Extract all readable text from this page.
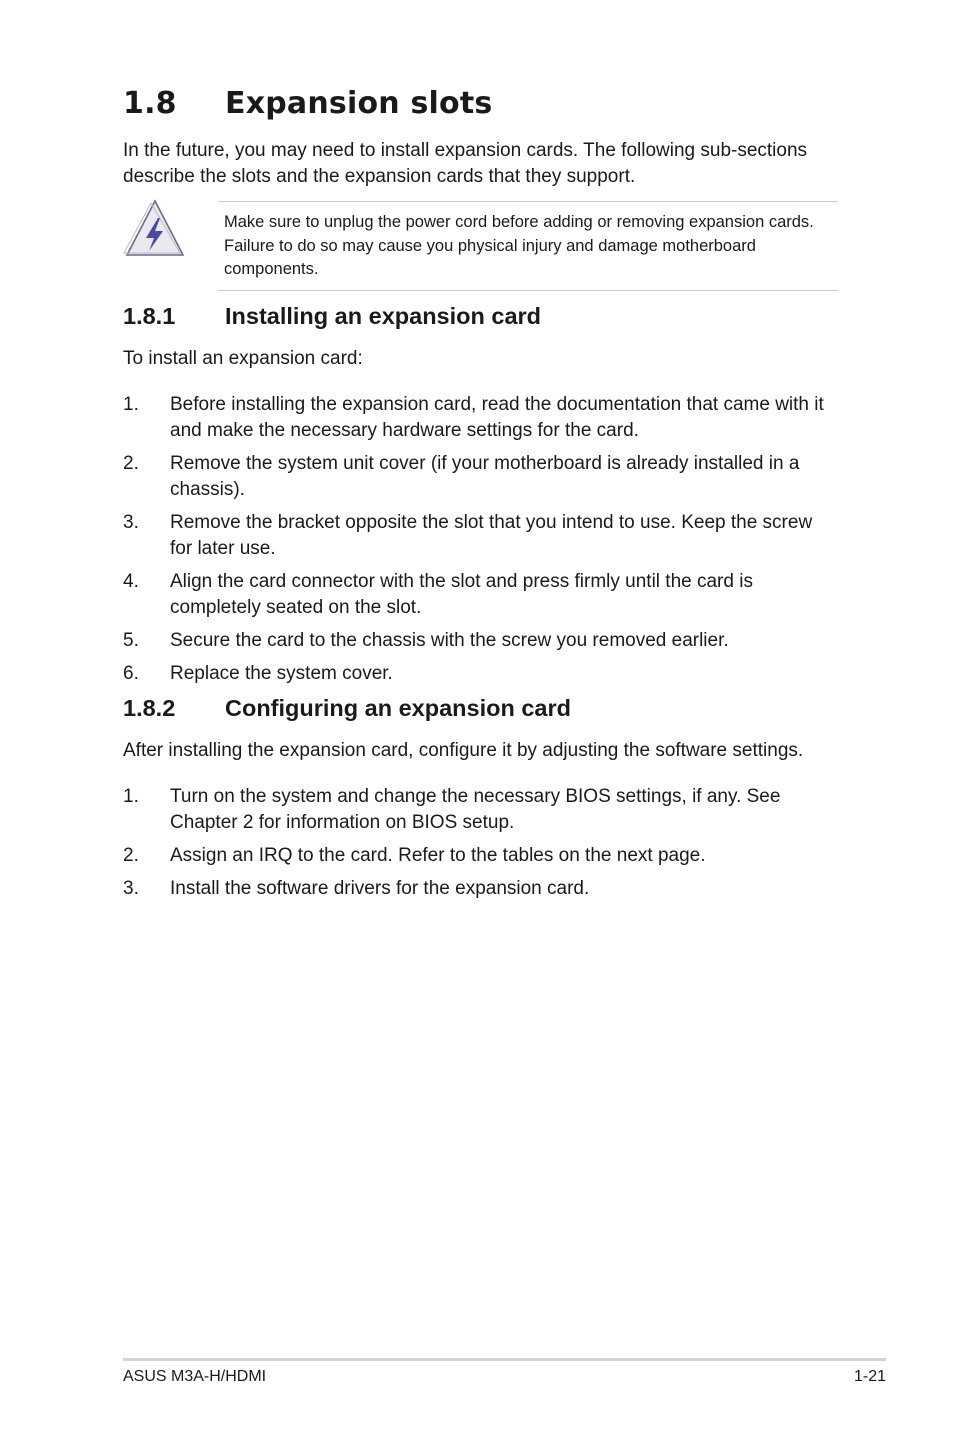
1.8 Expansion slots

In the future, you may need to install expansion cards. The following sub-sections describe the slots and the expansion cards that they support.

Make sure to unplug the power cord before adding or removing expansion cards. Failure to do so may cause you physical injury and damage motherboard components.
1.8.1 Installing an expansion card

To install an expansion card:

1. Before installing the expansion card, read the documentation that came with it and make the necessary hardware settings for the card.
2. Remove the system unit cover (if your motherboard is already installed in a chassis).
3. Remove the bracket opposite the slot that you intend to use. Keep the screw for later use.
4. Align the card connector with the slot and press firmly until the card is completely seated on the slot.
5. Secure the card to the chassis with the screw you removed earlier.
6. Replace the system cover.
1.8.2 Configuring an expansion card

After installing the expansion card, configure it by adjusting the software settings.

1. Turn on the system and change the necessary BIOS settings, if any. See Chapter 2 for information on BIOS setup.
2. Assign an IRQ to the card. Refer to the tables on the next page.
3. Install the software drivers for the expansion card.
ASUS M3A-H/HDMI	1-21
